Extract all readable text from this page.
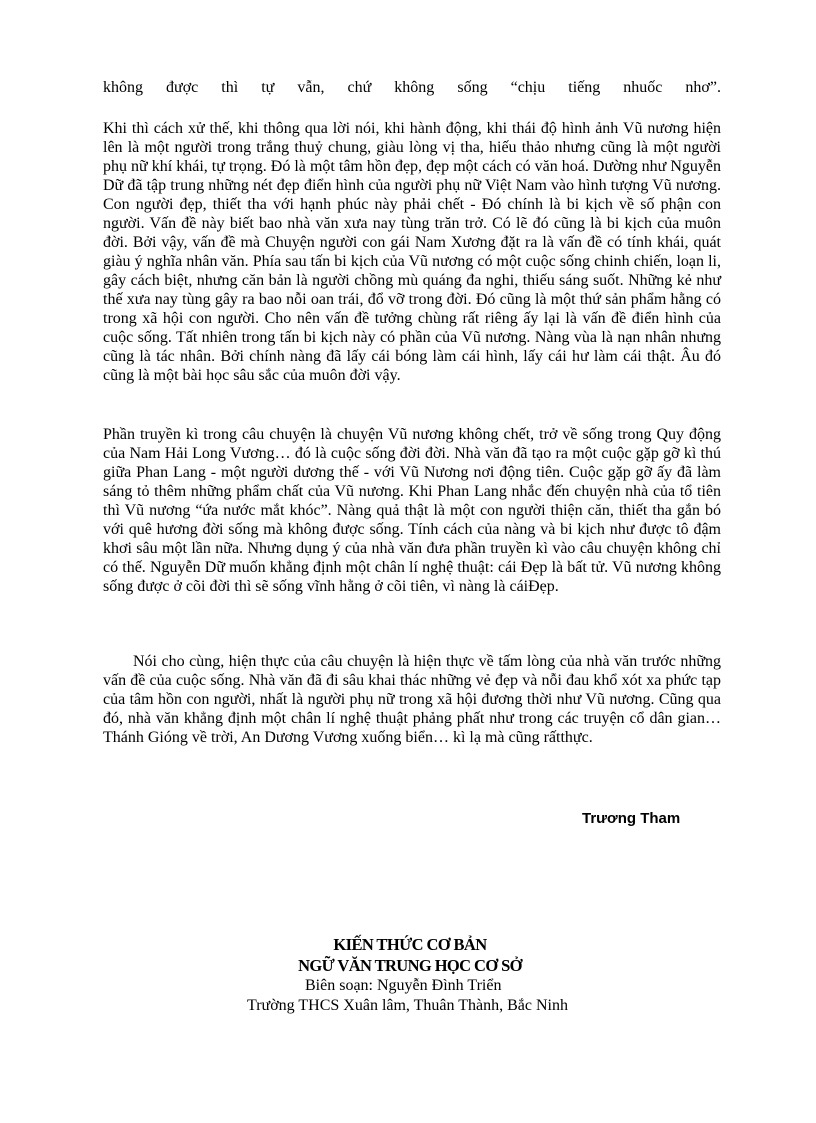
không được thì tự vẫn, chứ không sống “chịu tiếng nhuốc nhơ”.

Khi thì cách xử thế, khi thông qua lời nói, khi hành động, khi thái độ hình ảnh Vũ nương hiện lên là một người trong trắng thuỷ chung, giàu lòng vị tha, hiếu thảo nhưng cũng là một người phụ nữ khí khái, tự trọng. Đó là một tâm hồn đẹp, đẹp một cách có văn hoá. Dường như Nguyễn Dữ đã tập trung những nét đẹp điển hình của người phụ nữ Việt Nam vào hình tượng Vũ nương. Con người đẹp, thiết tha với hạnh phúc này phải chết - Đó chính là bi kịch về số phận con người. Vấn đề này biết bao nhà văn xưa nay tùng trăn trở. Có lẽ đó cũng là bi kịch của muôn đời. Bởi vậy, vấn đề mà Chuyện người con gái Nam Xương đặt ra là vấn đề có tính khái, quát giàu ý nghĩa nhân văn. Phía sau tấn bi kịch của Vũ nương có một cuộc sống chinh chiến, loạn li, gây cách biệt, nhưng căn bản là người chồng mù quáng đa nghi, thiếu sáng suốt. Những kẻ như thế xưa nay tùng gây ra bao nỗi oan trái, đổ vỡ trong đời. Đó cũng là một thứ sản phẩm hằng có trong xã hội con người. Cho nên vấn đề tưởng chùng rất riêng ấy lại là vấn đề điển hình của cuộc sống. Tất nhiên trong tấn bi kịch này có phần của Vũ nương. Nàng vùa là nạn nhân nhưng cũng là tác nhân. Bởi chính nàng đã lấy cái bóng làm cái hình, lấy cái hư làm cái thật. Âu đó cũng là một bài học sâu sắc của muôn đời vậy.

Phần truyền kì trong câu chuyện là chuyện Vũ nương không chết, trở về sống trong Quy động của Nam Hải Long Vương… đó là cuộc sống đời đời. Nhà văn đã tạo ra một cuộc gặp gỡ kì thú giữa Phan Lang - một người dương thế - với Vũ Nương nơi động tiên. Cuộc gặp gỡ ấy đã làm sáng tỏ thêm những phẩm chất của Vũ nương. Khi Phan Lang nhắc đến chuyện nhà của tổ tiên thì Vũ nương “ứa nước mắt khóc”. Nàng quả thật là một con người thiện căn, thiết tha gắn bó với quê hương đời sống mà không được sống. Tính cách của nàng và bi kịch như được tô đậm khơi sâu một lần nữa. Nhưng dụng ý của nhà văn đưa phần truyền kì vào câu chuyện không chỉ có thế. Nguyễn Dữ muốn khẳng định một chân lí nghệ thuật: cái Đẹp là bất tử. Vũ nương không sống được ở cõi đời thì sẽ sống vĩnh hằng ở cõi tiên, vì nàng là cáiĐẹp.

Nói cho cùng, hiện thực của câu chuyện là hiện thực về tấm lòng của nhà văn trước những vấn đề của cuộc sống. Nhà văn đã đi sâu khai thác những vẻ đẹp và nỗi đau khổ xót xa phức tạp của tâm hồn con người, nhất là người phụ nữ trong xã hội đương thời như Vũ nương. Cũng qua đó, nhà văn khẳng định một chân lí nghệ thuật phảng phất như trong các truyện cổ dân gian… Thánh Gióng về trời, An Dương Vương xuống biển… kì lạ mà cũng rấtthực.

Trương Tham
KIẾN THỨC CƠ BẢN
NGỮ VĂN TRUNG HỌC CƠ SỞ
Biên soạn: Nguyễn Đình Triển
Trường THCS Xuân lâm, Thuân Thành, Bắc Ninh
